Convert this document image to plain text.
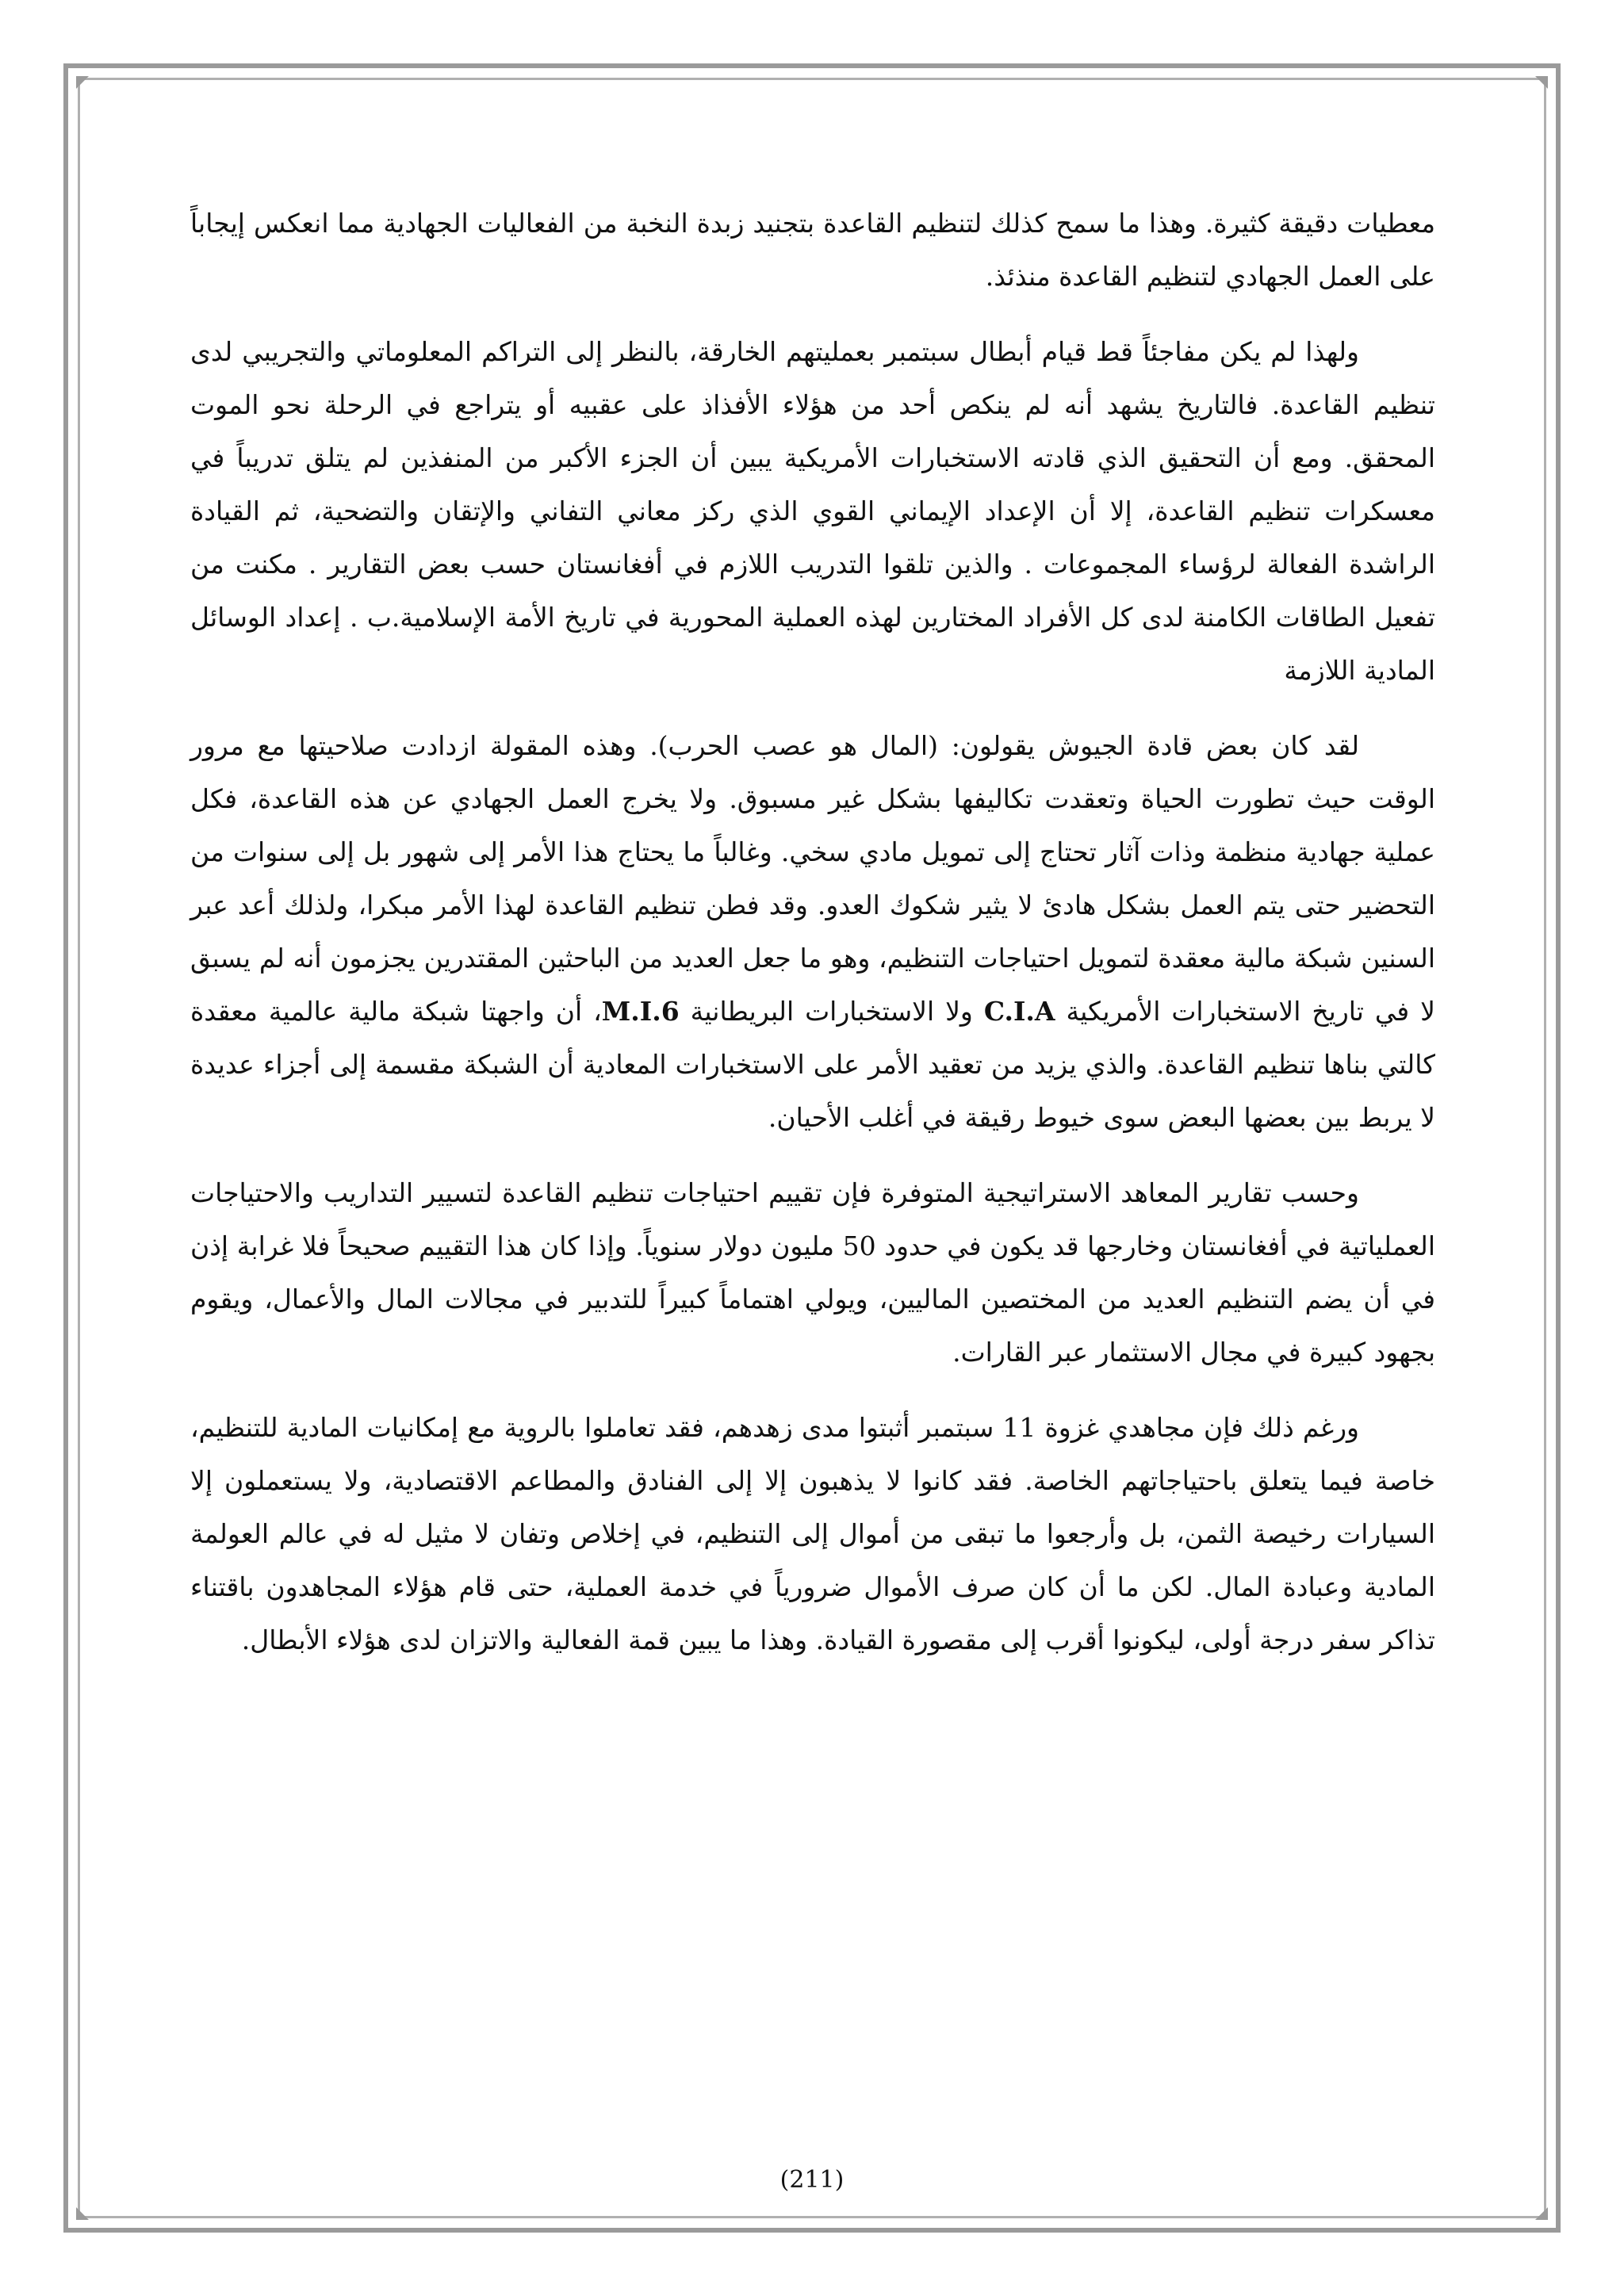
معطيات دقيقة كثيرة. وهذا ما سمح كذلك لتنظيم القاعدة بتجنيد زبدة النخبة من الفعاليات الجهادية مما انعكس إيجاباً على العمل الجهادي لتنظيم القاعدة منذئذ.

ولهذا لم يكن مفاجئاً قط قيام أبطال سبتمبر بعمليتهم الخارقة، بالنظر إلى التراكم المعلوماتي والتجريبي لدى تنظيم القاعدة. فالتاريخ يشهد أنه لم ينكص أحد من هؤلاء الأفذاذ على عقبيه أو يتراجع في الرحلة نحو الموت المحقق. ومع أن التحقيق الذي قادته الاستخبارات الأمريكية يبين أن الجزء الأكبر من المنفذين لم يتلق تدريباً في معسكرات تنظيم القاعدة، إلا أن الإعداد الإيماني القوي الذي ركز معاني التفاني والإتقان والتضحية، ثم القيادة الراشدة الفعالة لرؤساء المجموعات . والذين تلقوا التدريب اللازم في أفغانستان حسب بعض التقارير . مكنت من تفعيل الطاقات الكامنة لدى كل الأفراد المختارين لهذه العملية المحورية في تاريخ الأمة الإسلامية.ب . إعداد الوسائل المادية اللازمة

لقد كان بعض قادة الجيوش يقولون: (المال هو عصب الحرب). وهذه المقولة ازدادت صلاحيتها مع مرور الوقت حيث تطورت الحياة وتعقدت تكاليفها بشكل غير مسبوق. ولا يخرج العمل الجهادي عن هذه القاعدة، فكل عملية جهادية منظمة وذات آثار تحتاج إلى تمويل مادي سخي. وغالباً ما يحتاج هذا الأمر إلى شهور بل إلى سنوات من التحضير حتى يتم العمل بشكل هادئ لا يثير شكوك العدو. وقد فطن تنظيم القاعدة لهذا الأمر مبكرا، ولذلك أعد عبر السنين شبكة مالية معقدة لتمويل احتياجات التنظيم، وهو ما جعل العديد من الباحثين المقتدرين يجزمون أنه لم يسبق لا في تاريخ الاستخبارات الأمريكية C.I.A ولا الاستخبارات البريطانية M.I.6، أن واجهتا شبكة مالية عالمية معقدة كالتي بناها تنظيم القاعدة. والذي يزيد من تعقيد الأمر على الاستخبارات المعادية أن الشبكة مقسمة إلى أجزاء عديدة لا يربط بين بعضها البعض سوى خيوط رقيقة في أغلب الأحيان.

وحسب تقارير المعاهد الاستراتيجية المتوفرة فإن تقييم احتياجات تنظيم القاعدة لتسيير التداريب والاحتياجات العملياتية في أفغانستان وخارجها قد يكون في حدود 50 مليون دولار سنوياً. وإذا كان هذا التقييم صحيحاً فلا غرابة إذن في أن يضم التنظيم العديد من المختصين الماليين، ويولي اهتماماً كبيراً للتدبير في مجالات المال والأعمال، ويقوم بجهود كبيرة في مجال الاستثمار عبر القارات.

ورغم ذلك فإن مجاهدي غزوة 11 سبتمبر أثبتوا مدى زهدهم، فقد تعاملوا بالروية مع إمكانيات المادية للتنظيم، خاصة فيما يتعلق باحتياجاتهم الخاصة. فقد كانوا لا يذهبون إلا إلى الفنادق والمطاعم الاقتصادية، ولا يستعملون إلا السيارات رخيصة الثمن، بل وأرجعوا ما تبقى من أموال إلى التنظيم، في إخلاص وتفان لا مثيل له في عالم العولمة المادية وعبادة المال. لكن ما أن كان صرف الأموال ضرورياً في خدمة العملية، حتى قام هؤلاء المجاهدون باقتناء تذاكر سفر درجة أولى، ليكونوا أقرب إلى مقصورة القيادة. وهذا ما يبين قمة الفعالية والاتزان لدى هؤلاء الأبطال.

(211)
